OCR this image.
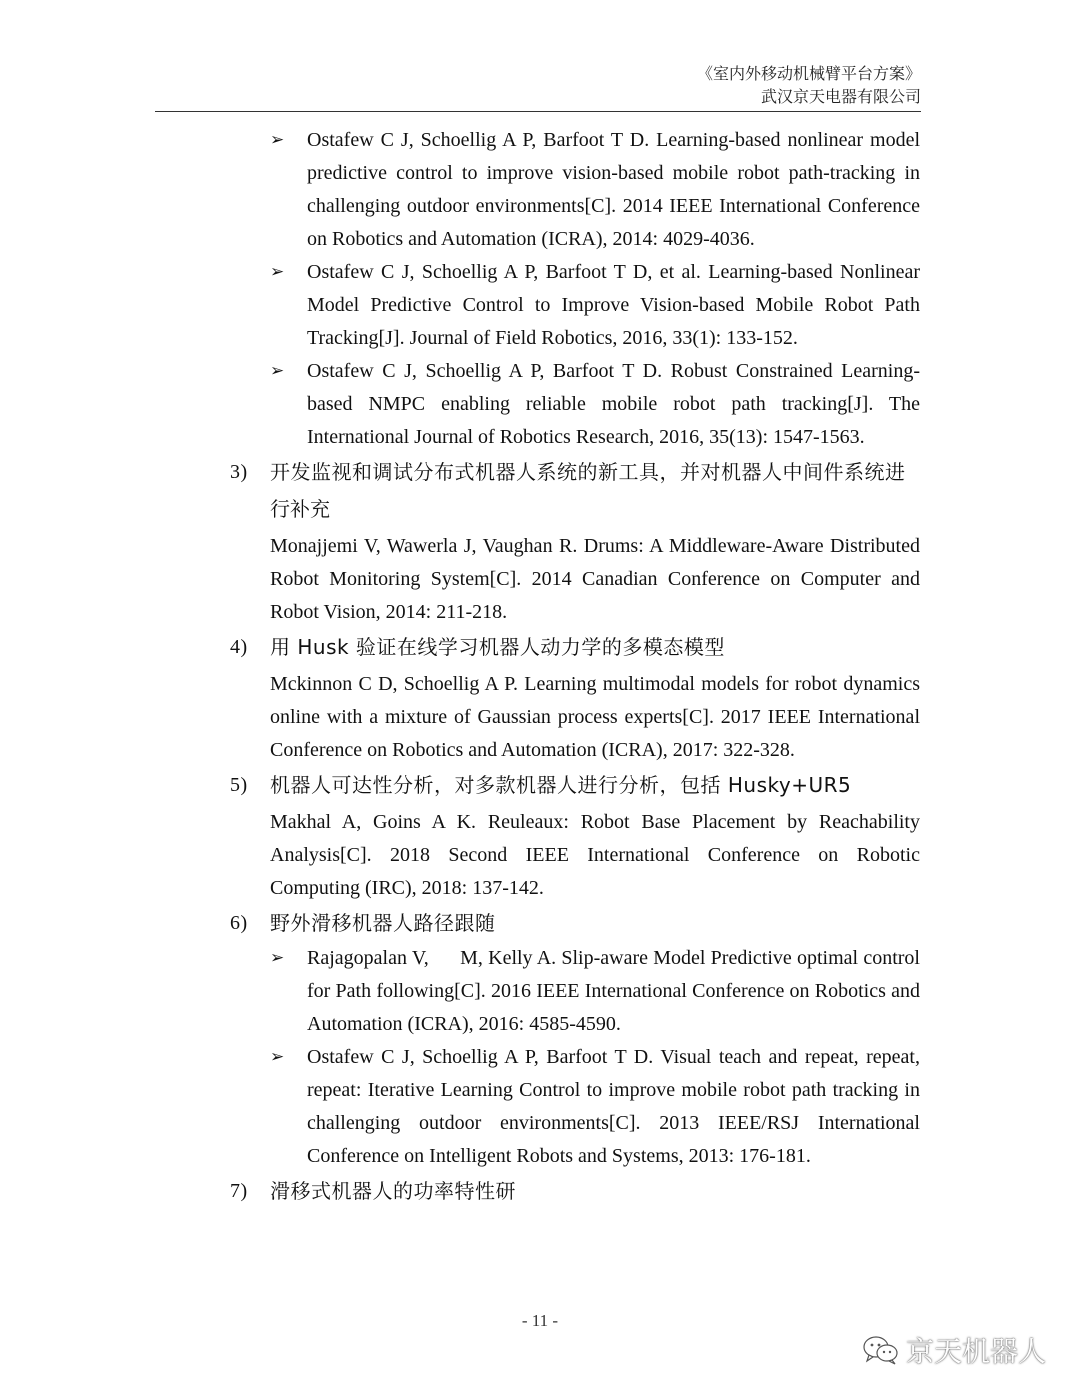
《室内外移动机械臂平台方案》
武汉京天电器有限公司
➢ Ostafew C J, Schoellig A P, Barfoot T D. Learning-based nonlinear model predictive control to improve vision-based mobile robot path-tracking in challenging outdoor environments[C]. 2014 IEEE International Conference on Robotics and Automation (ICRA), 2014: 4029-4036.
➢ Ostafew C J, Schoellig A P, Barfoot T D, et al. Learning-based Nonlinear Model Predictive Control to Improve Vision-based Mobile Robot Path Tracking[J]. Journal of Field Robotics, 2016, 33(1): 133-152.
➢ Ostafew C J, Schoellig A P, Barfoot T D. Robust Constrained Learning-based NMPC enabling reliable mobile robot path tracking[J]. The International Journal of Robotics Research, 2016, 35(13): 1547-1563.
3) 开发监视和调试分布式机器人系统的新工具，并对机器人中间件系统进
行补充
Monajjemi V, Wawerla J, Vaughan R. Drums: A Middleware-Aware Distributed Robot Monitoring System[C]. 2014 Canadian Conference on Computer and Robot Vision, 2014: 211-218.
4) 用 Husk 验证在线学习机器人动力学的多模态模型
Mckinnon C D, Schoellig A P. Learning multimodal models for robot dynamics online with a mixture of Gaussian process experts[C]. 2017 IEEE International Conference on Robotics and Automation (ICRA), 2017: 322-328.
5) 机器人可达性分析，对多款机器人进行分析，包括 Husky+UR5
Makhal A, Goins A K. Reuleaux: Robot Base Placement by Reachability Analysis[C]. 2018 Second IEEE International Conference on Robotic Computing (IRC), 2018: 137-142.
6) 野外滑移机器人路径跟随
➢ Rajagopalan V,      M, Kelly A. Slip-aware Model Predictive optimal control for Path following[C]. 2016 IEEE International Conference on Robotics and Automation (ICRA), 2016: 4585-4590.
➢ Ostafew C J, Schoellig A P, Barfoot T D. Visual teach and repeat, repeat, repeat: Iterative Learning Control to improve mobile robot path tracking in challenging outdoor environments[C]. 2013 IEEE/RSJ International Conference on Intelligent Robots and Systems, 2013: 176-181.
7) 滑移式机器人的功率特性研
- 11 -
京天机器人
